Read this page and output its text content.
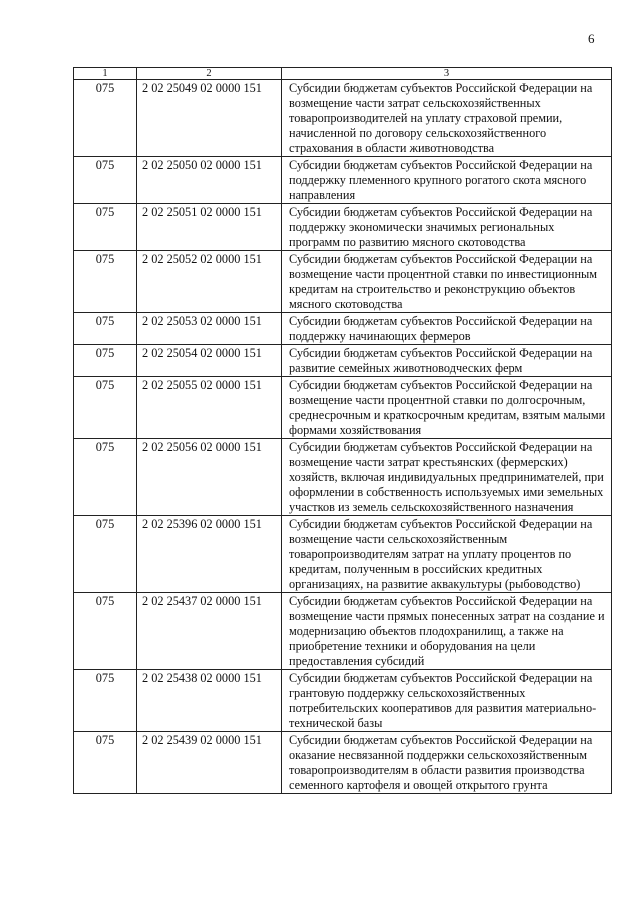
6
1	2	3
075	2 02 25049 02 0000 151	Субсидии бюджетам субъектов Российской Федерации на
возмещение части затрат сельскохозяйственных
товаропроизводителей на уплату страховой премии,
начисленной по договору сельскохозяйственного
страхования в области животноводства

075	2 02 25050 02 0000 151	Субсидии бюджетам субъектов Российской Федерации на
поддержку племенного крупного рогатого скота мясного
направления

075	2 02 25051 02 0000 151	Субсидии бюджетам субъектов Российской Федерации на
поддержку экономически значимых региональных
программ по развитию мясного скотоводства

075	2 02 25052 02 0000 151	Субсидии бюджетам субъектов Российской Федерации на
возмещение части процентной ставки по инвестиционным
кредитам на строительство и реконструкцию объектов
мясного скотоводства

075	2 02 25053 02 0000 151	Субсидии бюджетам субъектов Российской Федерации на
поддержку начинающих фермеров

075	2 02 25054 02 0000 151	Субсидии бюджетам субъектов Российской Федерации на
развитие семейных животноводческих ферм

075	2 02 25055 02 0000 151	Субсидии бюджетам субъектов Российской Федерации на
возмещение части процентной ставки по долгосрочным,
среднесрочным и краткосрочным кредитам, взятым малыми
формами хозяйствования

075	2 02 25056 02 0000 151	Субсидии бюджетам субъектов Российской Федерации на
возмещение части затрат крестьянских (фермерских)
хозяйств, включая индивидуальных предпринимателей, при
оформлении в собственность используемых ими земельных
участков из земель сельскохозяйственного назначения

075	2 02 25396 02 0000 151	Субсидии бюджетам субъектов Российской Федерации на
возмещение части сельскохозяйственным
товаропроизводителям затрат на уплату процентов по
кредитам, полученным в российских кредитных
организациях, на развитие аквакультуры (рыбоводство)

075	2 02 25437 02 0000 151	Субсидии бюджетам субъектов Российской Федерации на
возмещение части прямых понесенных затрат на создание и
модернизацию объектов плодохранилищ, а также на
приобретение техники и оборудования на цели
предоставления субсидий

075	2 02 25438 02 0000 151	Субсидии бюджетам субъектов Российской Федерации на
грантовую поддержку сельскохозяйственных
потребительских кооперативов для развития материально-
технической базы

075	2 02 25439 02 0000 151	Субсидии бюджетам субъектов Российской Федерации на
оказание несвязанной поддержки сельскохозяйственным
товаропроизводителям в области развития производства
семенного картофеля и овощей открытого грунта
